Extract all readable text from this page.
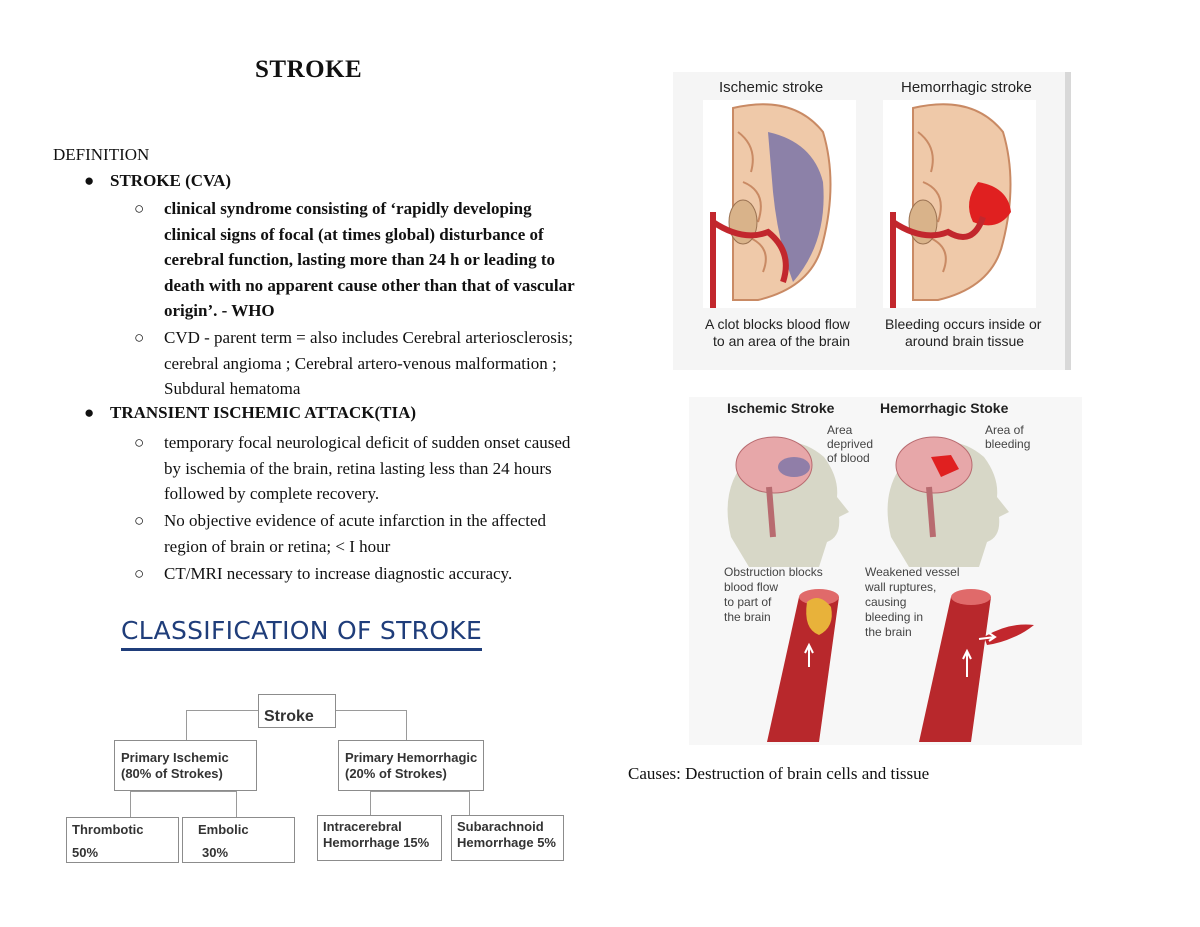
STROKE
DEFINITION
● STROKE (CVA)
○	clinical syndrome consisting of ‘rapidly developing clinical signs of focal (at times global) disturbance of cerebral function, lasting more than 24 h or leading to death with no apparent cause other than that of vascular origin’. - WHO
○	CVD - parent term = also includes Cerebral arteriosclerosis; cerebral angioma ; Cerebral artero-venous malformation ; Subdural hematoma
● TRANSIENT ISCHEMIC ATTACK(TIA)
○	temporary focal neurological deficit of sudden onset caused by ischemia of the brain, retina lasting less than 24 hours followed by complete recovery.
○	No objective evidence of acute infarction in the affected region of brain or retina; < I hour
○	CT/MRI necessary to increase diagnostic accuracy.
CLASSIFICATION OF STROKE
Stroke
Primary Ischemic
(80% of Strokes)
Primary Hemorrhagic
(20% of Strokes)
Thrombotic
50%
Embolic
30%
Intracerebral
Hemorrhage 15%
Subarachnoid
Hemorrhage 5%
Ischemic stroke	Hemorrhagic stroke
A clot blocks blood flow
to an area of the brain
Bleeding occurs inside or
around brain tissue
Ischemic Stroke	Hemorrhagic Stoke
Area
deprived
of blood
Area of
bleeding
Obstruction blocks
blood flow
to part of
the brain
Weakened vessel
wall ruptures,
causing
bleeding in
the brain
Causes: Destruction of brain cells and tissue
